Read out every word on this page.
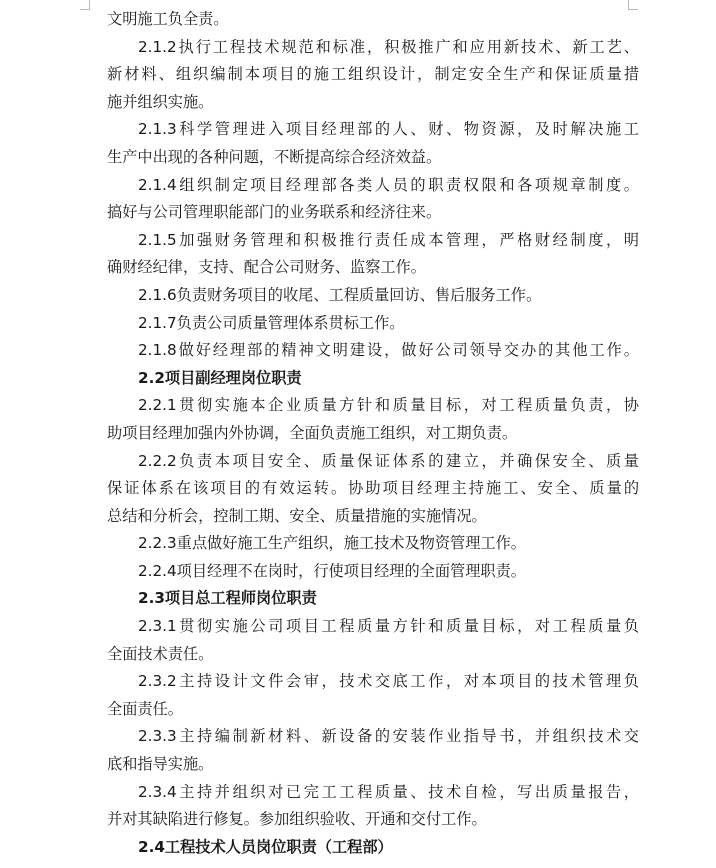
文明施工负全责。
2.1.2执行工程技术规范和标准，积极推广和应用新技术、新工艺、
新材料、组织编制本项目的施工组织设计，制定安全生产和保证质量措
施并组织实施。
2.1.3科学管理进入项目经理部的人、财、物资源，及时解决施工
生产中出现的各种问题，不断提高综合经济效益。
2.1.4组织制定项目经理部各类人员的职责权限和各项规章制度。
搞好与公司管理职能部门的业务联系和经济往来。
2.1.5加强财务管理和积极推行责任成本管理，严格财经制度，明
确财经纪律，支持、配合公司财务、监察工作。
2.1.6负责财务项目的收尾、工程质量回访、售后服务工作。
2.1.7负责公司质量管理体系贯标工作。
2.1.8做好经理部的精神文明建设，做好公司领导交办的其他工作。
2.2项目副经理岗位职责
2.2.1贯彻实施本企业质量方针和质量目标，对工程质量负责，协
助项目经理加强内外协调，全面负责施工组织，对工期负责。
2.2.2负责本项目安全、质量保证体系的建立，并确保安全、质量
保证体系在该项目的有效运转。协助项目经理主持施工、安全、质量的
总结和分析会，控制工期、安全、质量措施的实施情况。
2.2.3重点做好施工生产组织，施工技术及物资管理工作。
2.2.4项目经理不在岗时，行使项目经理的全面管理职责。
2.3项目总工程师岗位职责
2.3.1贯彻实施公司项目工程质量方针和质量目标，对工程质量负
全面技术责任。
2.3.2主持设计文件会审，技术交底工作，对本项目的技术管理负
全面责任。
2.3.3主持编制新材料、新设备的安装作业指导书，并组织技术交
底和指导实施。
2.3.4主持并组织对已完工工程质量、技术自检，写出质量报告，
并对其缺陷进行修复。参加组织验收、开通和交付工作。
2.4工程技术人员岗位职责（工程部）
